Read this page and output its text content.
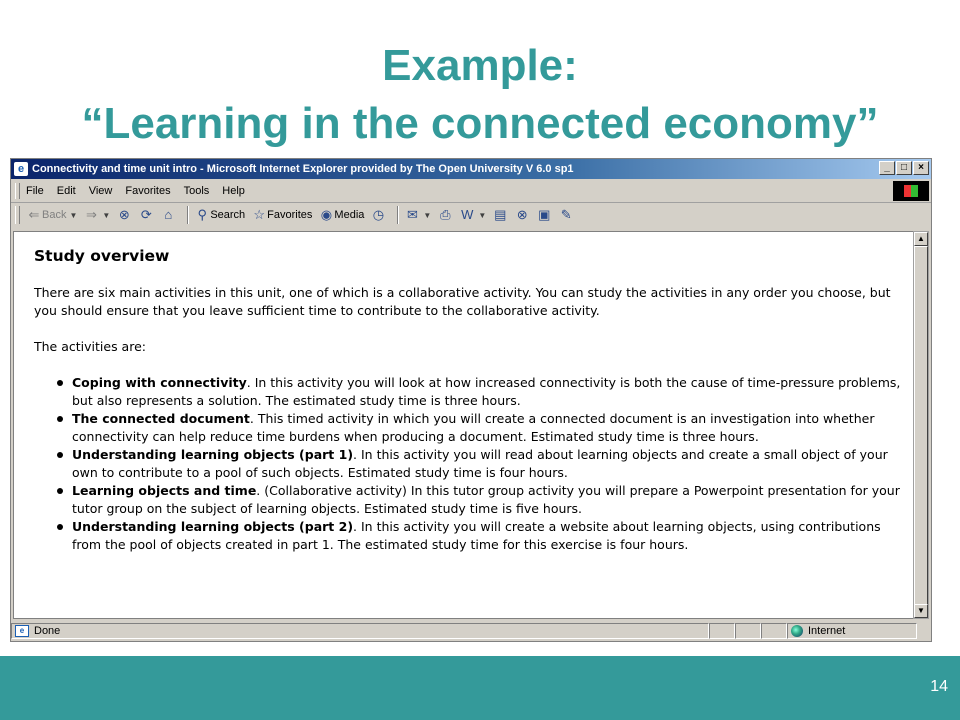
Example:
“Learning in the connected economy”
e Connectivity and time unit intro - Microsoft Internet Explorer provided by The Open University V 6.0 sp1	_	□	×
File Edit View Favorites Tools Help
⇐ Back ▼ ⇒ ▼ ⊗ ⟳ ⌂	⚲ Search ☆ Favorites ◉ Media ◷ ✉ ▼ ⎙ W ▼ ▤ ⊗ ▣ ✎
Study overview

There are six main activities in this unit, one of which is a collaborative activity. You can study the activities in any order you choose, but you should ensure that you leave sufficient time to contribute to the collaborative activity.

The activities are:

Coping with connectivity. In this activity you will look at how increased connectivity is both the cause of time-pressure problems, but also represents a solution. The estimated study time is three hours.
The connected document. This timed activity in which you will create a connected document is an investigation into whether connectivity can help reduce time burdens when producing a document. Estimated study time is three hours.
Understanding learning objects (part 1). In this activity you will read about learning objects and create a small object of your own to contribute to a pool of such objects. Estimated study time is four hours.
Learning objects and time. (Collaborative activity) In this tutor group activity you will prepare a Powerpoint presentation for your tutor group on the subject of learning objects. Estimated study time is five hours.
Understanding learning objects (part 2). In this activity you will create a website about learning objects, using contributions from the pool of objects created in part 1. The estimated study time for this exercise is four hours.
▲
▼
e Done	Internet
14
